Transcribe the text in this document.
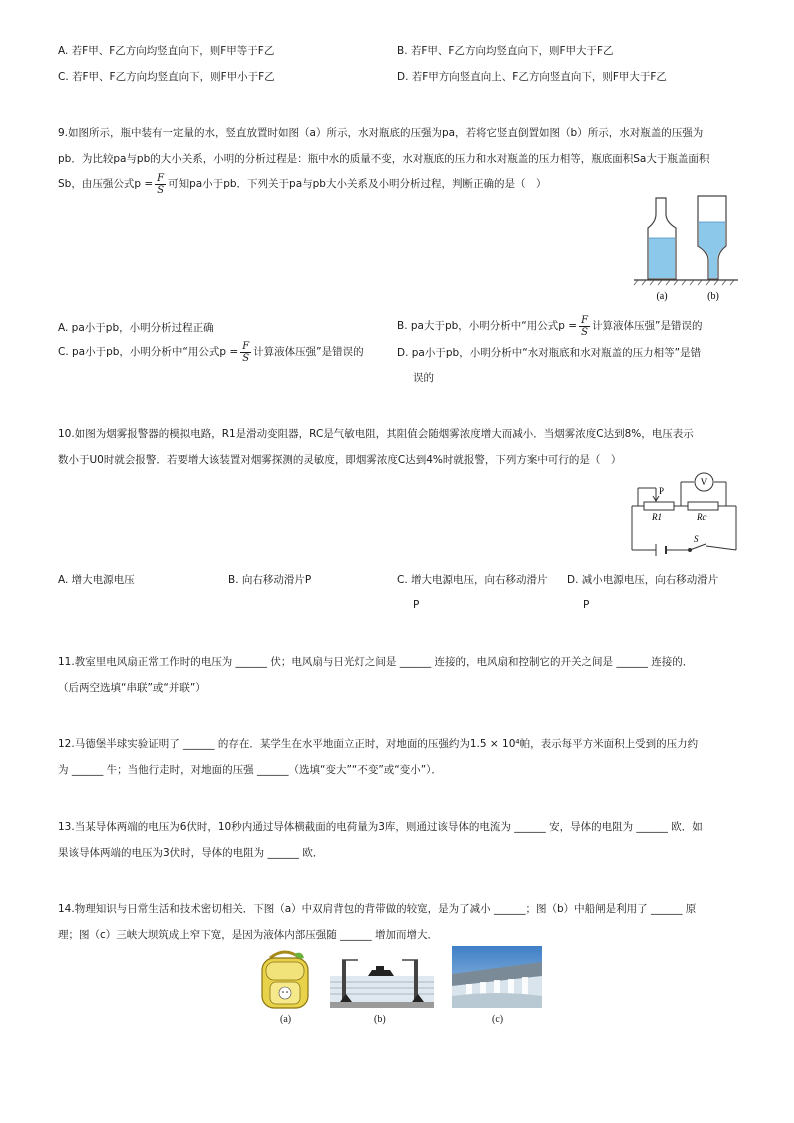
A. 若F甲、F乙方向均竖直向下，则F甲等于F乙	B. 若F甲、F乙方向均竖直向下，则F甲大于F乙
C. 若F甲、F乙方向均竖直向下，则F甲小于F乙	D. 若F甲方向竖直向上、F乙方向竖直向下，则F甲大于F乙
9.如图所示，瓶中装有一定量的水，竖直放置时如图（a）所示，水对瓶底的压强为pa，若将它竖直倒置如图（b）所示，水对瓶盖的压强为
pb．为比较pa与pb的大小关系，小明的分析过程是：瓶中水的质量不变，水对瓶底的压力和水对瓶盖的压力相等，瓶底面积Sa大于瓶盖面积
Sb，由压强公式$p = \frac{F}{S}$ 可知pa小于pb．下列关于pa与pb大小关系及小明分析过程，判断正确的是（　）
(a)	(b)
A. pa小于pb，小明分析过程正确	B. pa大于pb，小明分析中“用公式$p = \frac{F}{S}$ 计算液体压强”是错误的
C. pa小于pb，小明分析中“用公式$p = \frac{F}{S}$ 计算液体压强”是错误的	D. pa小于pb，小明分析中“水对瓶底和水对瓶盖的压力相等”是错
误的
10.如图为烟雾报警器的模拟电路，R1是滑动变阻器，RC是气敏电阻，其阻值会随烟雾浓度增大而减小．当烟雾浓度C达到8%，电压表示
数小于U0时就会报警．若要增大该装置对烟雾探测的灵敏度，即烟雾浓度C达到4%时就报警，下列方案中可行的是（　）
P
R1	Rc
V
S
A. 增大电源电压	B. 向右移动滑片P	C. 增大电源电压，向右移动滑片
P
D. 减小电源电压，向右移动滑片
P
11.教室里电风扇正常工作时的电压为 ______ 伏；电风扇与日光灯之间是 ______ 连接的，电风扇和控制它的开关之间是 ______ 连接的．
（后两空选填“串联”或“并联”）
12.马德堡半球实验证明了 ______ 的存在．某学生在水平地面立正时，对地面的压强约为1.5 × 10⁴帕，表示每平方米面积上受到的压力约
为 ______ 牛；当他行走时，对地面的压强 ______（选填“变大”“不变”或“变小”）．
13.当某导体两端的电压为6伏时，10秒内通过导体横截面的电荷量为3库，则通过该导体的电流为 ______ 安，导体的电阻为 ______ 欧．如
果该导体两端的电压为3伏时，导体的电阻为 ______ 欧．
14.物理知识与日常生活和技术密切相关．下图（a）中双肩背包的背带做的较宽，是为了减小 ______；图（b）中船闸是利用了 ______ 原
理；图（c）三峡大坝筑成上窄下宽，是因为液体内部压强随 ______ 增加而增大．
(a)	(b)	(c)
